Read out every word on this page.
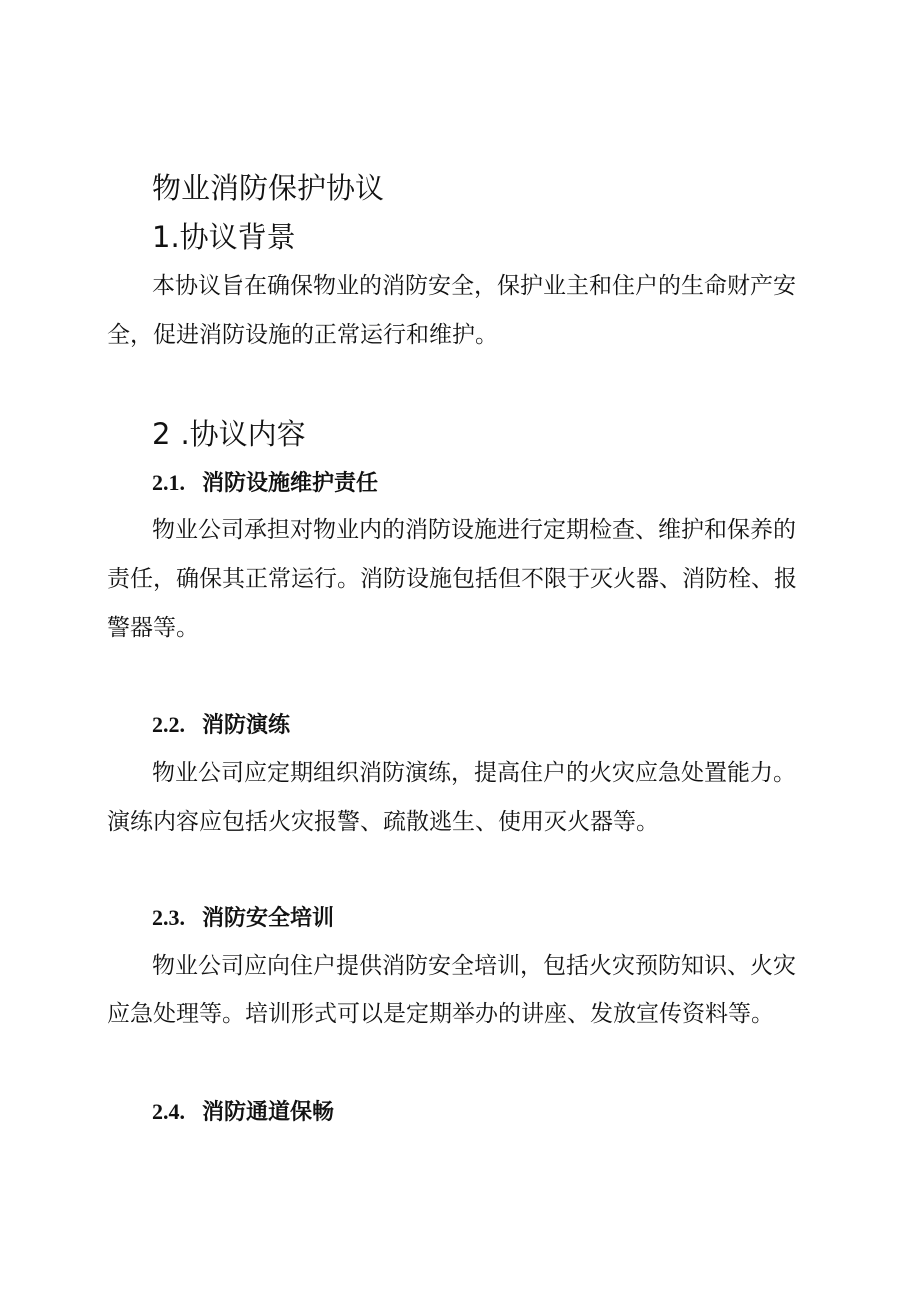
物业消防保护协议
1.协议背景

本协议旨在确保物业的消防安全，保护业主和住户的生命财产安

全，促进消防设施的正常运行和维护。

2 .协议内容
2.1. 消防设施维护责任

物业公司承担对物业内的消防设施进行定期检查、维护和保养的

责任，确保其正常运行。消防设施包括但不限于灭火器、消防栓、报

警器等。

2.2. 消防演练

物业公司应定期组织消防演练，提高住户的火灾应急处置能力。

演练内容应包括火灾报警、疏散逃生、使用灭火器等。

2.3. 消防安全培训

物业公司应向住户提供消防安全培训，包括火灾预防知识、火灾

应急处理等。培训形式可以是定期举办的讲座、发放宣传资料等。

2.4. 消防通道保畅
